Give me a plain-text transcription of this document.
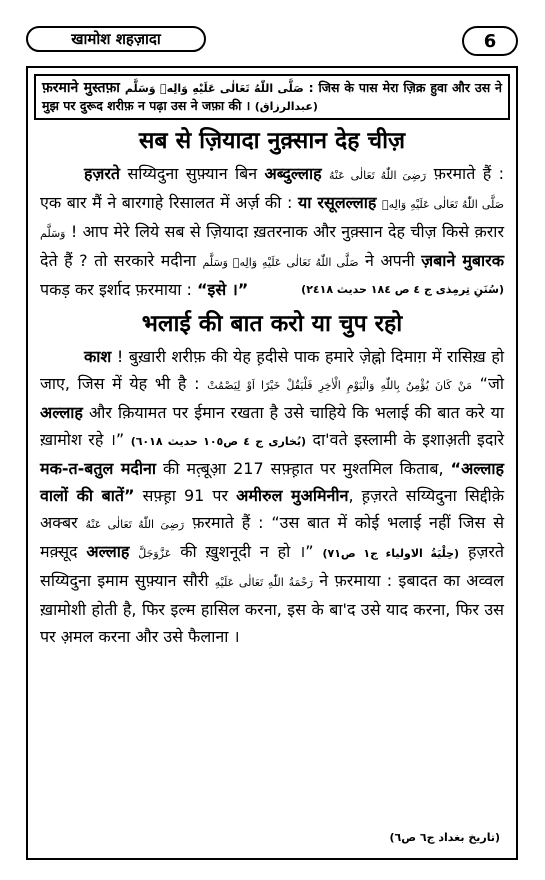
खामोश शहज़ादा	6
फ़रमाने मुस्तफ़ा صَلَّى اللّٰهُ تَعَالٰى عَلَيْهِ وَالِهٖ وَسَلَّم : जिस के पास मेरा ज़िक्र हुवा और उस ने मुझ पर दुरूद शरीफ़ न पढ़ा उस ने जफ़ा की । (عبدالرزاق)
सब से ज़ियादा नुक़्सान देह चीज़

हज़रते सय्यिदुना सुफ़्यान बिन अब्दुल्लाह رَضِیَ اللّٰهُ تَعَالٰی عَنْهُ फ़रमाते हैं : एक बार मैं ने बारगाहे रिसालत में अर्ज़ की : या रसूलल्लाह صَلَّی اللّٰهُ تَعَالٰی عَلَیْهِ وَالِهٖ وَسَلَّم ! आप मेरे लिये सब से ज़ियादा ख़तरनाक और नुक़्सान देह चीज़ किसे क़रार देते हैं ? तो सरकारे मदीना صَلَّی اللّٰهُ تَعَالٰی عَلَیْهِ وَالِهٖ وَسَلَّم ने अपनी ज़बाने मुबारक पकड़ कर इर्शाद फ़रमाया : “इसे ।”	(سُنَنِ تِرمِذی ج ٤ ص ١٨٤ حديث ٢٤١٨)

भलाई की बात करो या चुप रहो

काश ! बुख़ारी शरीफ़ की येह ह़दीसे पाक हमारे ज़ेह्नो दिमाग़ में रासिख़ हो जाए, जिस में येह भी है : مَنْ کَانَ یُؤْمِنُ بِاللّٰهِ وَالْیَوْمِ الْاٰخِرِ فَلْیَقُلْ خَیْرًا اَوْ لِیَصْمُتْ “जो अल्लाह और क़ियामत पर ईमान रखता है उसे चाहिये कि भलाई की बात करे या ख़ामोश रहे ।” (بُخاری ج ٤ ص١٠٥ حديث ٦٠١٨) दा'वते इस्लामी के इशाअ़ती इदारे मक-त-बतुल मदीना की मत़्बूआ़ 217 सफ़्ह़ात पर मुश्तमिल किताब, “अल्लाह वालों की बातें” सफ़्ह़ा 91 पर अमीरुल मुअमिनीन, ह़ज़रते सय्यिदुना सिद्दीक़े अक्बर رَضِیَ اللّٰهُ تَعَالٰی عَنْهُ फ़रमाते हैं : “उस बात में कोई भलाई नहीं जिस से मक़्सूद अल्लाह عَزَّوَجَلَّ की ख़ुशनूदी न हो ।” (حِلْيَةُ الاولياء ج١ ص٧١) ह़ज़रते सय्यिदुना इमाम सुफ़्यान सौरी رَحْمَةُ اللّٰهِ تَعَالٰی عَلَیْهِ ने फ़रमाया : इबादत का अव्वल ख़ामोशी होती है, फिर इल्म हासिल करना, इस के बा'द उसे याद करना, फिर उस पर अ़मल करना और उसे फैलाना ।

(تاريخ بغداد ج٦ ص٦)
